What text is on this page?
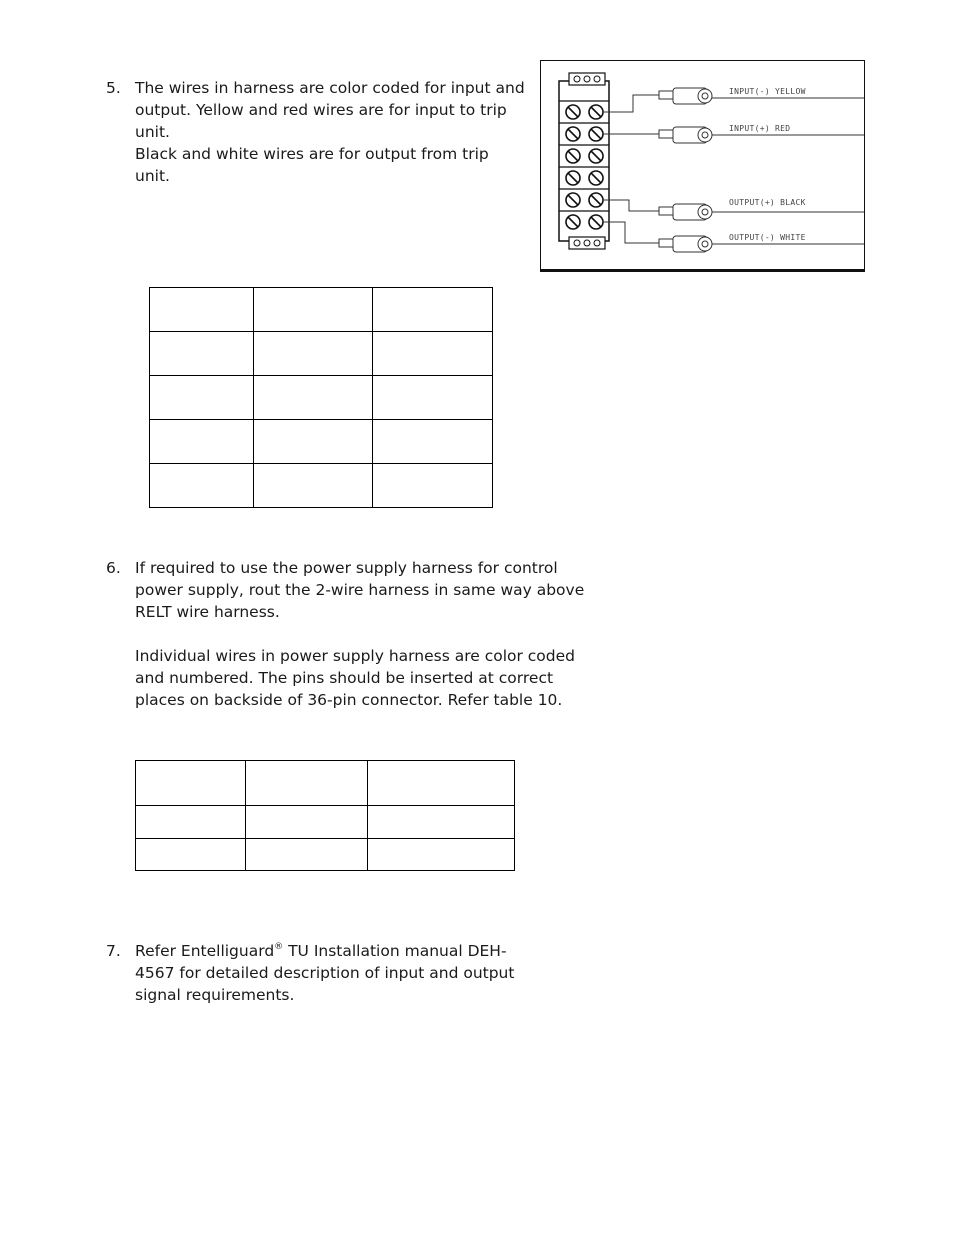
5. The wires in harness are color coded for input and output. Yellow and red wires are for input to trip unit.

Black and white wires are for output from trip unit.

INPUT(-) YELLOW
INPUT(+) RED
OUTPUT(+) BLACK
OUTPUT(-) WHITE

6. If required to use the power supply harness for control power supply, rout the 2-wire harness in same way above RELT wire harness.

Individual wires in power supply harness are color coded and numbered. The pins should be inserted at correct places on backside of 36-pin connector. Refer table 10.

7. Refer Entelliguard® TU Installation manual DEH-4567 for detailed description of input and output signal requirements.
